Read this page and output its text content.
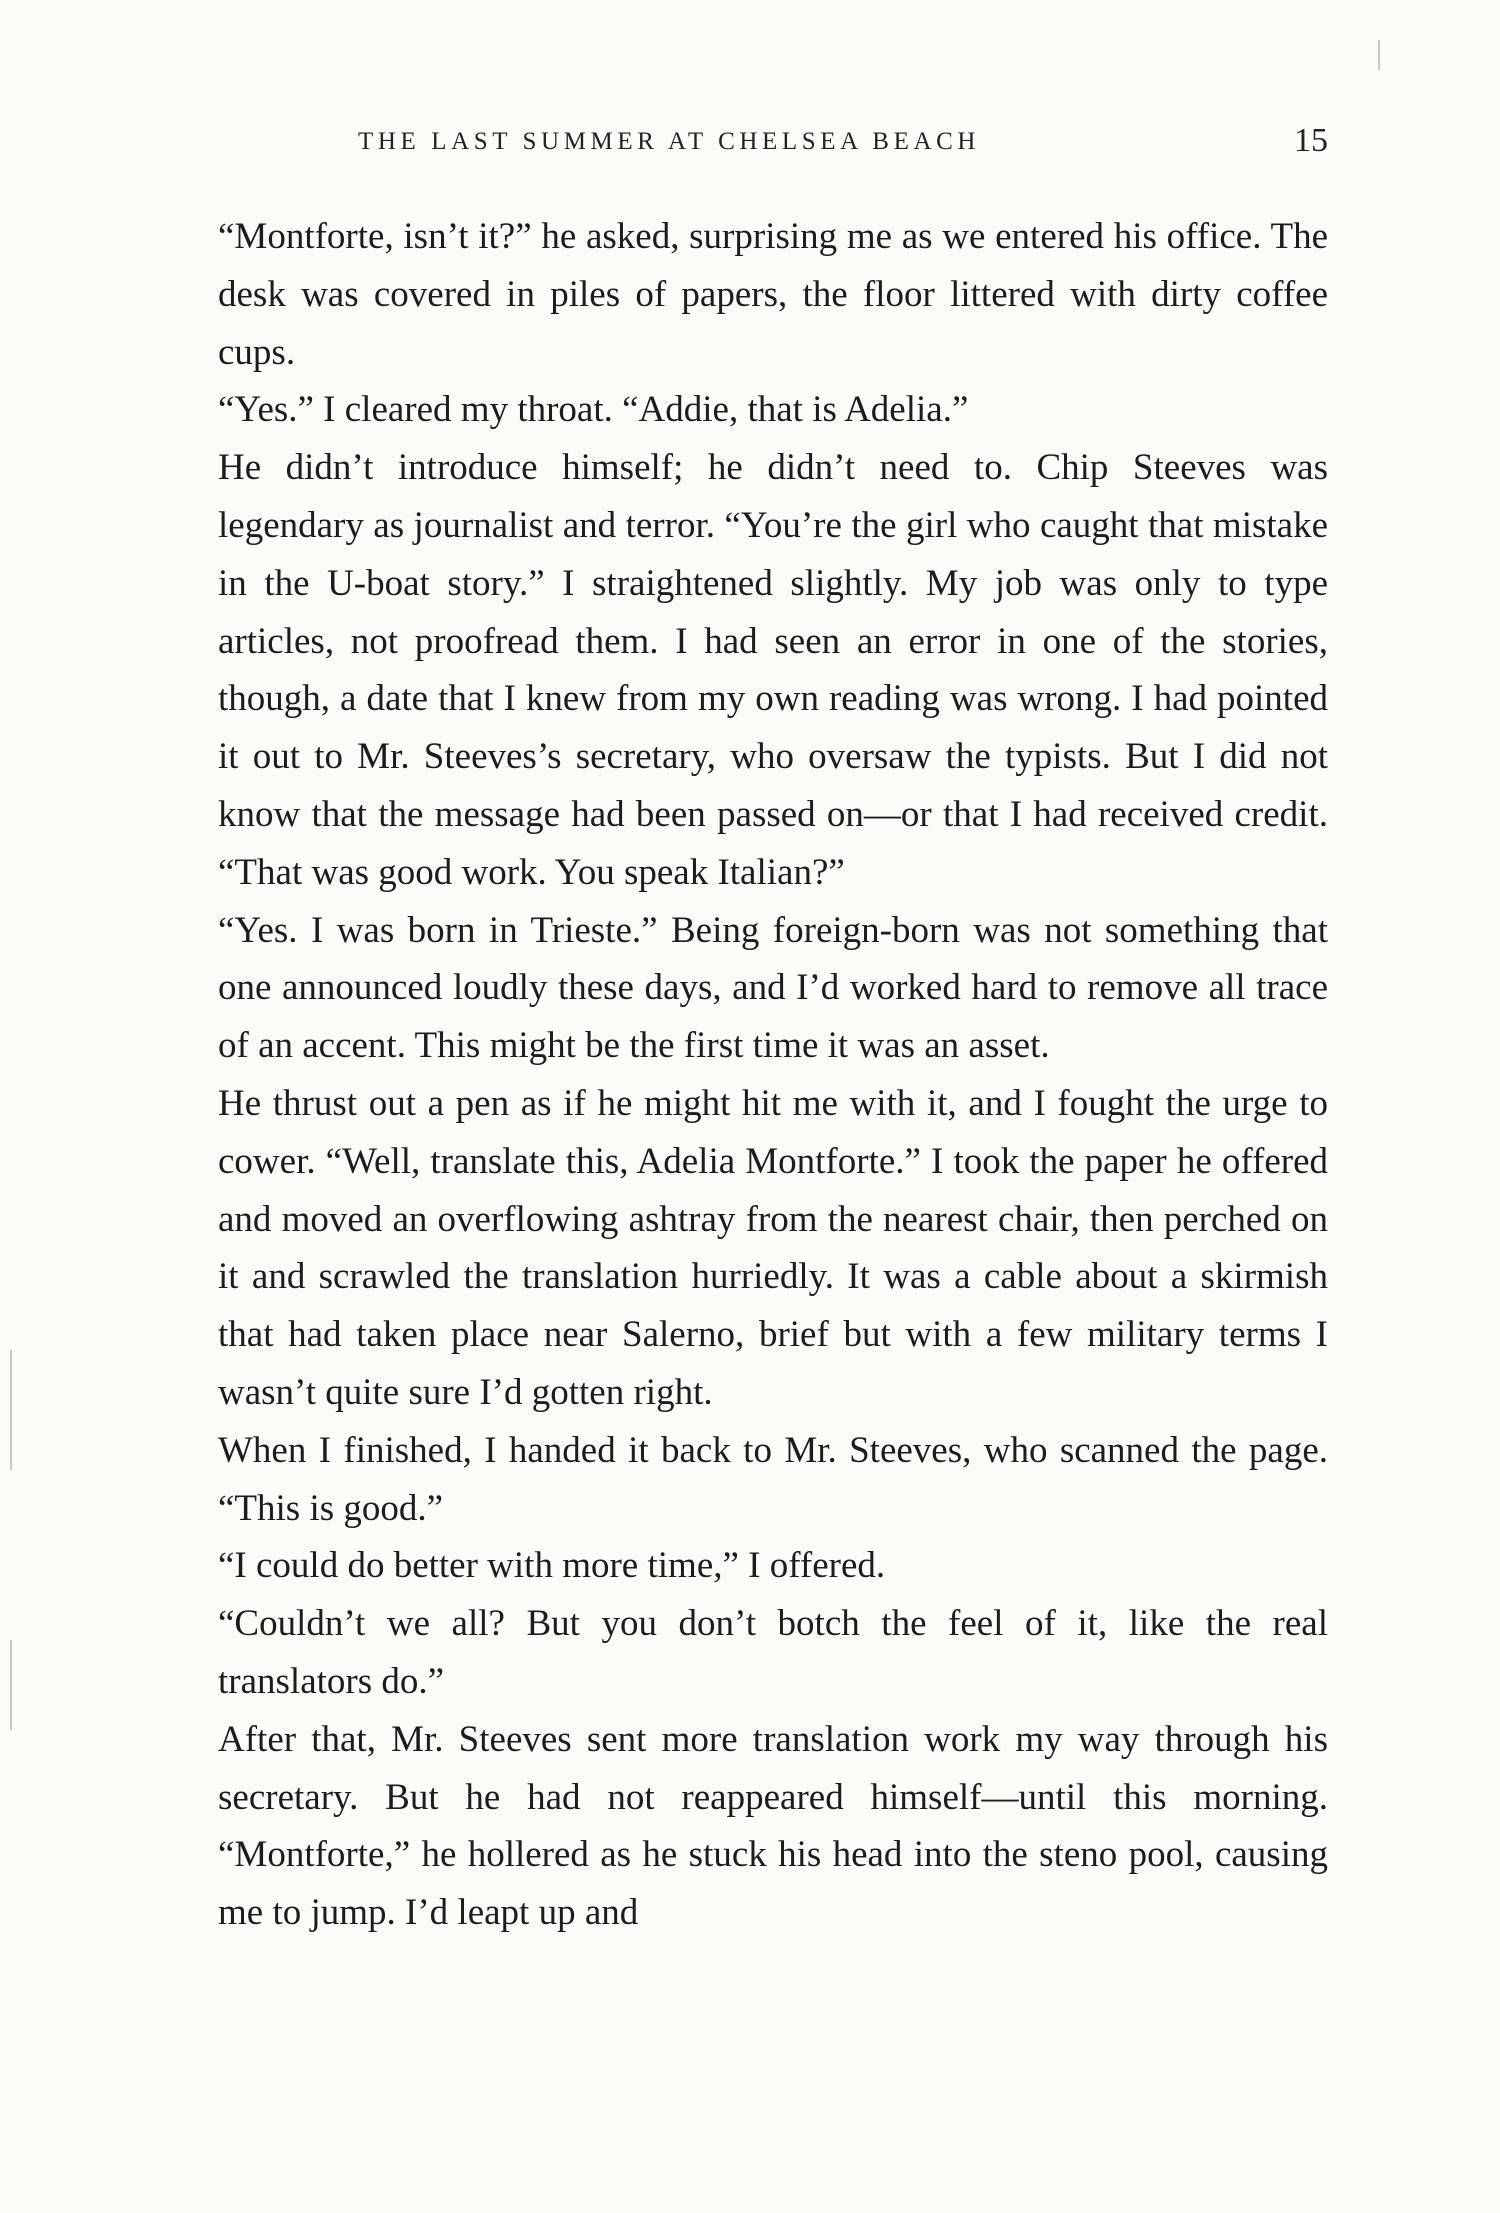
THE LAST SUMMER AT CHELSEA BEACH	15

“Montforte, isn’t it?” he asked, surprising me as we entered his office. The desk was covered in piles of papers, the floor littered with dirty coffee cups.

“Yes.” I cleared my throat. “Addie, that is Adelia.”

He didn’t introduce himself; he didn’t need to. Chip Steeves was legendary as journalist and terror. “You’re the girl who caught that mistake in the U-boat story.” I straightened slightly. My job was only to type articles, not proofread them. I had seen an error in one of the stories, though, a date that I knew from my own reading was wrong. I had pointed it out to Mr. Steeves’s secretary, who oversaw the typists. But I did not know that the message had been passed on—or that I had received credit. “That was good work. You speak Italian?”

“Yes. I was born in Trieste.” Being foreign-born was not something that one announced loudly these days, and I’d worked hard to remove all trace of an accent. This might be the first time it was an asset.

He thrust out a pen as if he might hit me with it, and I fought the urge to cower. “Well, translate this, Adelia Montforte.” I took the paper he offered and moved an overflowing ashtray from the nearest chair, then perched on it and scrawled the translation hurriedly. It was a cable about a skirmish that had taken place near Salerno, brief but with a few military terms I wasn’t quite sure I’d gotten right.

When I finished, I handed it back to Mr. Steeves, who scanned the page. “This is good.”

“I could do better with more time,” I offered.

“Couldn’t we all? But you don’t botch the feel of it, like the real translators do.”

After that, Mr. Steeves sent more translation work my way through his secretary. But he had not reappeared himself—until this morning. “Montforte,” he hollered as he stuck his head into the steno pool, causing me to jump. I’d leapt up and
